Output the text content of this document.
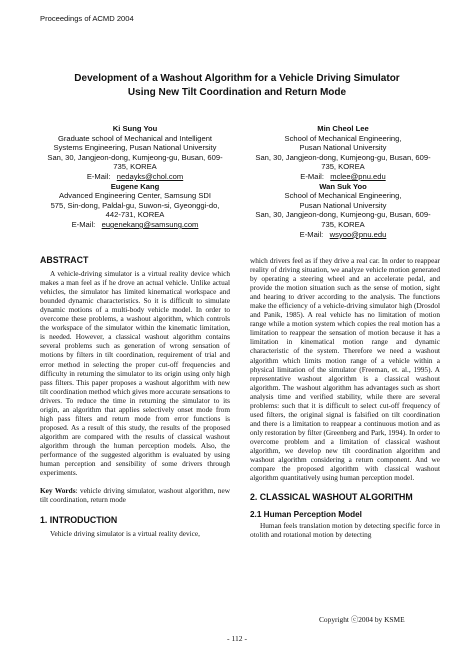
Proceedings of ACMD 2004
Development of a Washout Algorithm for a Vehicle Driving Simulator
Using New Tilt Coordination and Return Mode
Ki Sung You
Graduate school of Mechanical and Intelligent
Systems Engineering, Pusan National University
San, 30, Jangjeon-dong, Kumjeong-gu, Busan, 609-
735, KOREA
E-Mail: nedayks@chol.com
Eugene Kang
Advanced Engineering Center, Samsung SDI
575, Sin-dong, Paldal-gu, Suwon-si, Gyeonggi-do,
442-731, KOREA
E-Mail: eugenekang@samsung.com
Min Cheol Lee
School of Mechanical Engineering,
Pusan National University
San, 30, Jangjeon-dong, Kumjeong-gu, Busan, 609-
735, KOREA
E-Mail: mclee@pnu.edu
Wan Suk Yoo
School of Mechanical Engineering,
Pusan National University
San, 30, Jangjeon-dong, Kumjeong-gu, Busan, 609-
735, KOREA
E-Mail: wsyoo@pnu.edu
ABSTRACT

A vehicle-driving simulator is a virtual reality device which makes a man feel as if he drove an actual vehicle. Unlike actual vehicles, the simulator has limited kinematical workspace and bounded dynamic characteristics. So it is difficult to simulate dynamic motions of a multi-body vehicle model. In order to overcome these problems, a washout algorithm, which controls the workspace of the simulator within the kinematic limitation, is needed. However, a classical washout algorithm contains several problems such as generation of wrong sensation of motions by filters in tilt coordination, requirement of trial and error method in selecting the proper cut-off frequencies and difficulty in returning the simulator to its origin using only high pass filters. This paper proposes a washout algorithm with new tilt coordination method which gives more accurate sensations to drivers. To reduce the time in returning the simulator to its origin, an algorithm that applies selectively onset mode from high pass filters and return mode from error functions is proposed. As a result of this study, the results of the proposed algorithm are compared with the results of classical washout algorithm through the human perception models. Also, the performance of the suggested algorithm is evaluated by using human perception and sensibility of some drivers through experiments.

Key Words: vehicle driving simulator, washout algorithm, new tilt coordination, return mode

1. INTRODUCTION

Vehicle driving simulator is a virtual reality device,

which drivers feel as if they drive a real car. In order to reappear reality of driving situation, we analyze vehicle motion generated by operating a steering wheel and an accelerate pedal, and provide the motion situation such as the sense of motion, sight and hearing to driver according to the analysis. The functions make the efficiency of a vehicle-driving simulator high (Drosdol and Panik, 1985). A real vehicle has no limitation of motion range while a motion system which copies the real motion has a limitation to reappear the sensation of motion because it has a limitation in kinematical motion range and dynamic characteristic of the system. Therefore we need a washout algorithm which limits motion range of a vehicle within a physical limitation of the simulator (Freeman, et. al., 1995). A representative washout algorithm is a classical washout algorithm. The washout algorithm has advantages such as short analysis time and verified stability, while there are several problems: such that it is difficult to select cut-off frequency of used filters, the original signal is falsified on tilt coordination and there is a limitation to reappear a continuous motion and as only restoration by filter (Greenberg and Park, 1994). In order to overcome problem and a limitation of classical washout algorithm, we develop new tilt coordination algorithm and washout algorithm considering a return component. And we compare the proposed algorithm with classical washout algorithm quantitatively using human perception model.

2. CLASSICAL WASHOUT ALGORITHM
2.1 Human Perception Model

Human feels translation motion by detecting specific force in otolith and rotational motion by detecting

Copyright ⓒ2004 by KSME
- 112 -
